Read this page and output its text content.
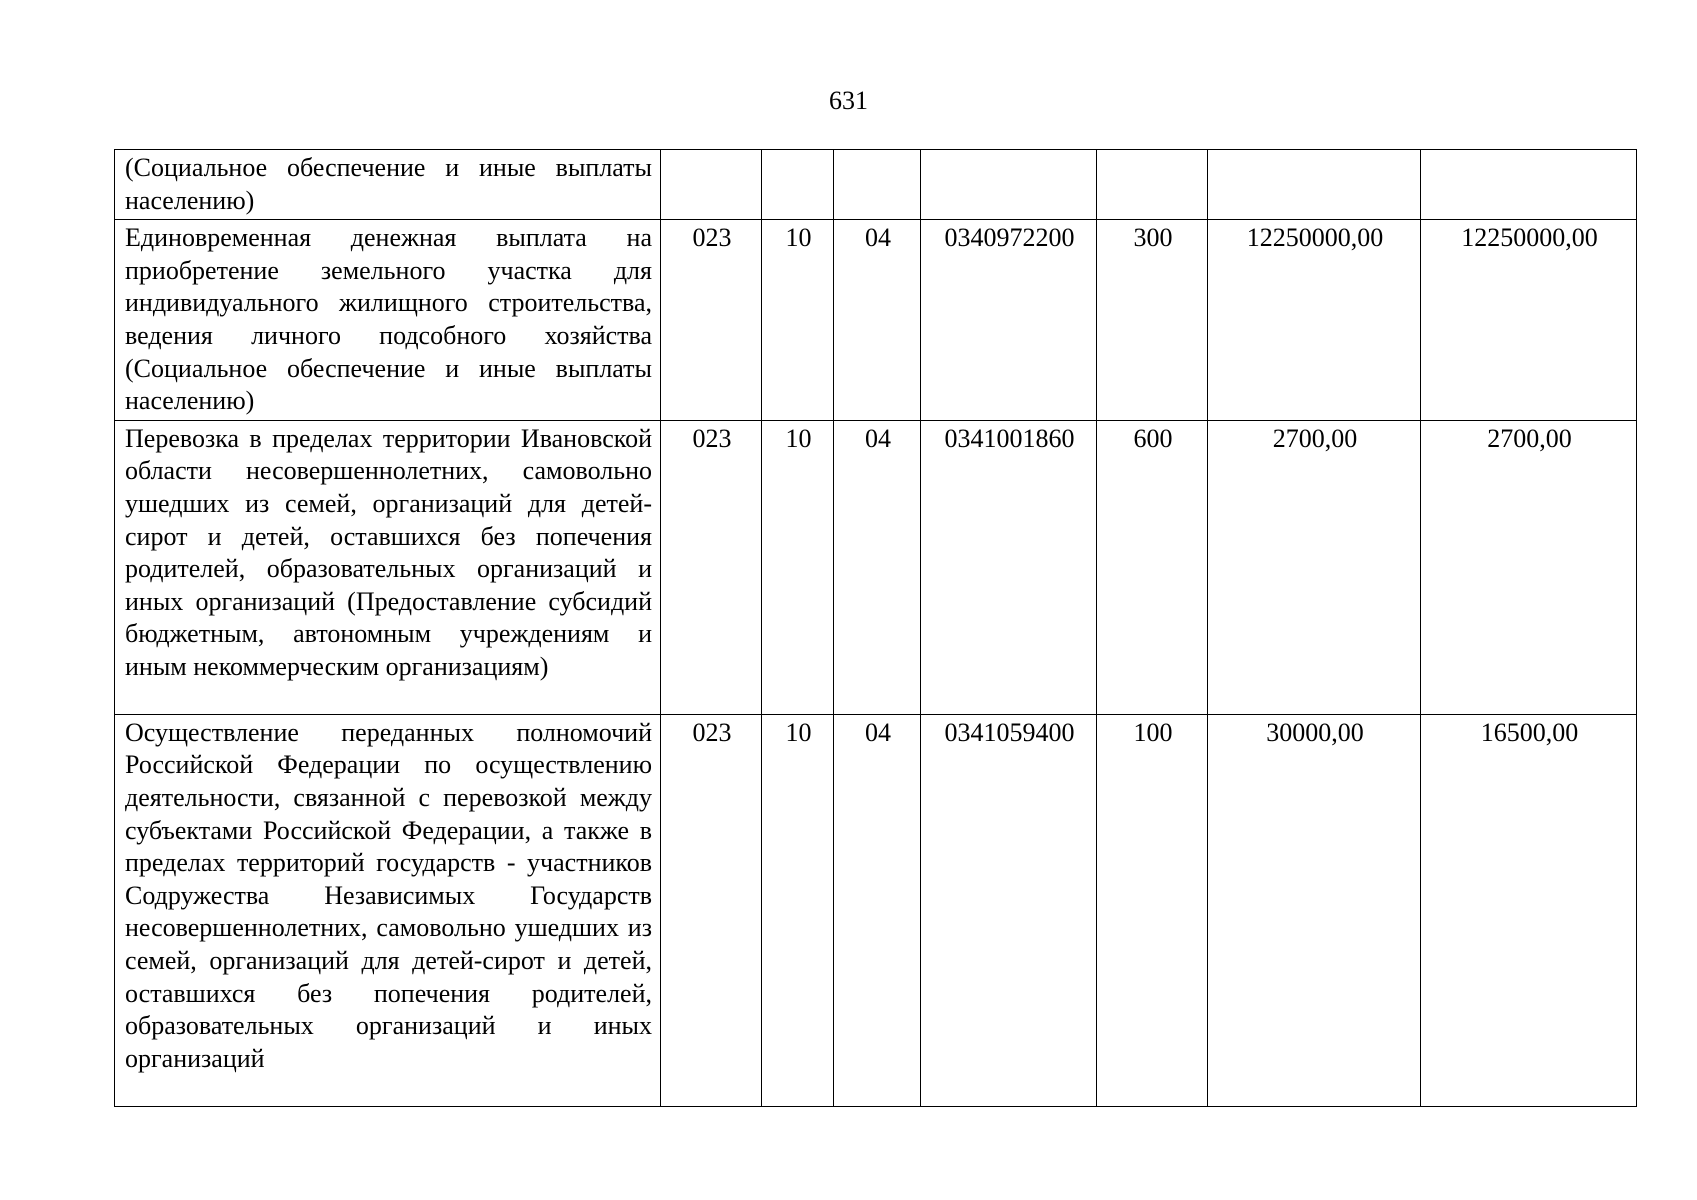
631
(Социальное обеспечение и иные выплаты населению)							
Единовременная денежная выплата на приобретение земельного участка для индивидуального жилищного строительства, ведения личного подсобного хозяйства (Социальное обеспечение и иные выплаты населению)	023	10	04	0340972200	300	12250000,00	12250000,00
Перевозка в пределах территории Ивановской области несовершеннолетних, самовольно ушедших из семей, организаций для детей-сирот и детей, оставшихся без попечения родителей, образовательных организаций и иных организаций (Предоставление субсидий бюджетным, автономным учреждениям и иным некоммерческим организациям)	023	10	04	0341001860	600	2700,00	2700,00
Осуществление переданных полномочий Российской Федерации по осуществлению деятельности, связанной с перевозкой между субъектами Российской Федерации, а также в пределах территорий государств - участников Содружества Независимых Государств несовершеннолетних, самовольно ушедших из семей, организаций для детей-сирот и детей, оставшихся без попечения родителей, образовательных организаций и иных организаций	023	10	04	0341059400	100	30000,00	16500,00
